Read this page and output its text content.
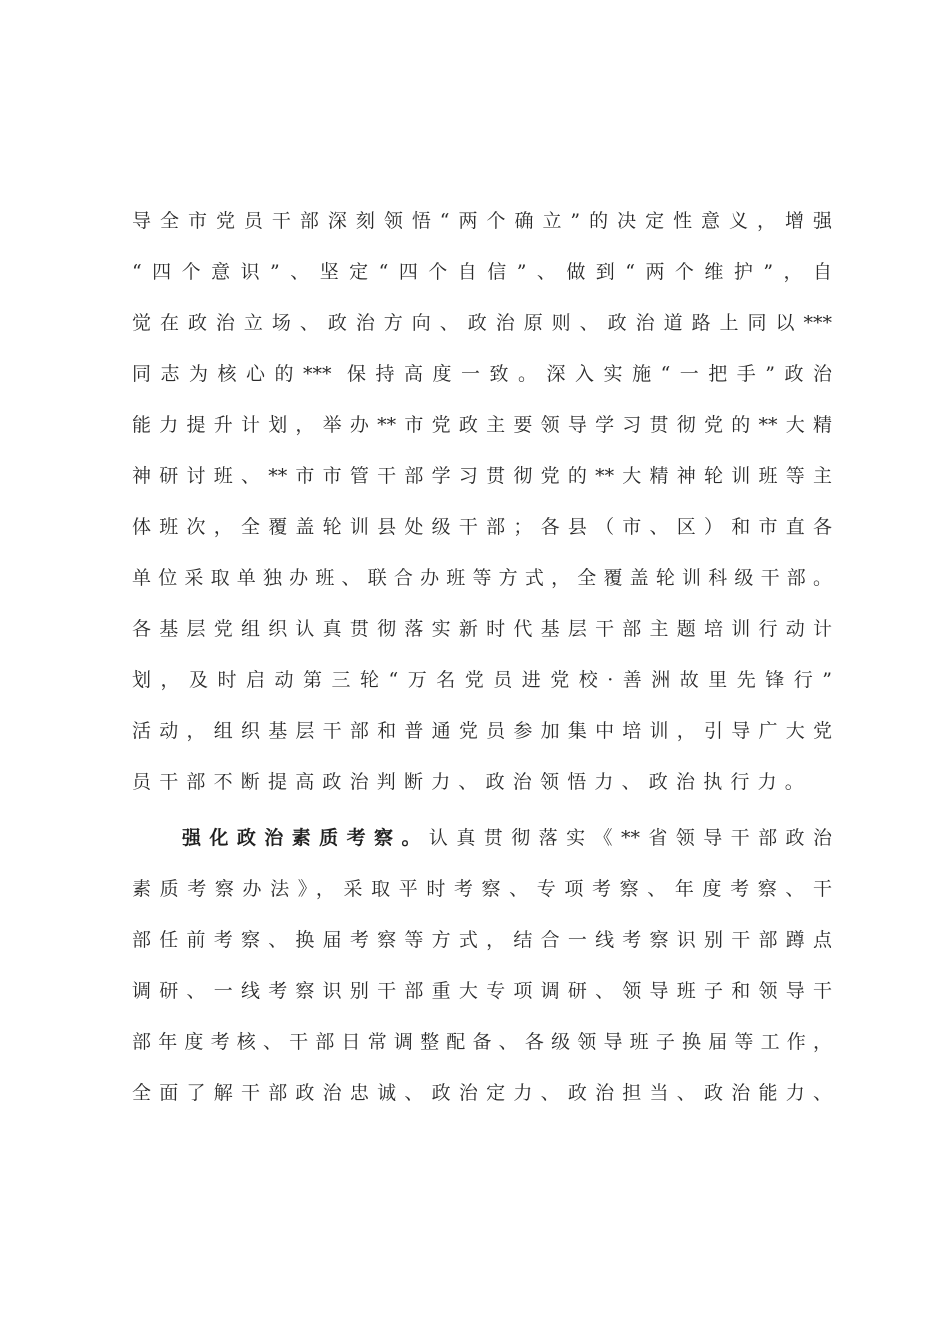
导全市党员干部深刻领悟“两个确立”的决定性意义，增强
“四个意识”、坚定“四个自信”、做到“两个维护”，自
觉在政治立场、政治方向、政治原则、政治道路上同以***
同志为核心的*** 保持高度一致。深入实施“一把手”政治
能力提升计划，举办**市党政主要领导学习贯彻党的**大精
神研讨班、**市市管干部学习贯彻党的**大精神轮训班等主
体班次，全覆盖轮训县处级干部；各县（市、区）和市直各
单位采取单独办班、联合办班等方式，全覆盖轮训科级干部。
各基层党组织认真贯彻落实新时代基层干部主题培训行动计
划，及时启动第三轮“万名党员进党校·善洲故里先锋行”
活动，组织基层干部和普通党员参加集中培训，引导广大党
员干部不断提高政治判断力、政治领悟力、政治执行力。
强化政治素质考察。认真贯彻落实《**省领导干部政治
素质考察办法》，采取平时考察、专项考察、年度考察、干
部任前考察、换届考察等方式，结合一线考察识别干部蹲点
调研、一线考察识别干部重大专项调研、领导班子和领导干
部年度考核、干部日常调整配备、各级领导班子换届等工作，
全面了解干部政治忠诚、政治定力、政治担当、政治能力、
